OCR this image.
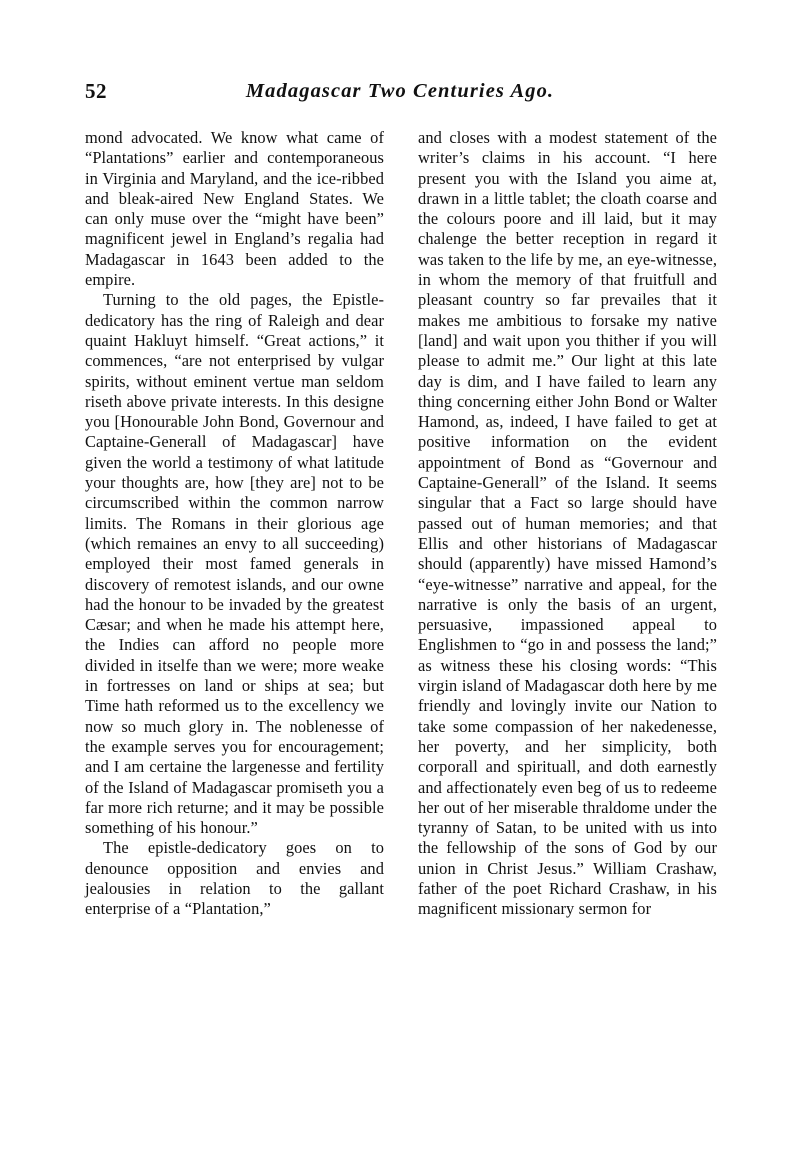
52	Madagascar Two Centuries Ago.

mond advocated. We know what came of “Plantations” earlier and contemporaneous in Virginia and Maryland, and the ice-ribbed and bleak-aired New England States. We can only muse over the “might have been” magnificent jewel in England’s regalia had Madagascar in 1643 been added to the empire.

Turning to the old pages, the Epistle-dedicatory has the ring of Raleigh and dear quaint Hakluyt himself. “Great actions,” it commences, “are not enterprised by vulgar spirits, without eminent vertue man seldom riseth above private interests. In this designe you [Honourable John Bond, Governour and Captaine-Generall of Madagascar] have given the world a testimony of what latitude your thoughts are, how [they are] not to be circumscribed within the common narrow limits. The Romans in their glorious age (which remaines an envy to all succeeding) employed their most famed generals in discovery of remotest islands, and our owne had the honour to be invaded by the greatest Cæsar; and when he made his attempt here, the Indies can afford no people more divided in itselfe than we were; more weake in fortresses on land or ships at sea; but Time hath reformed us to the excellency we now so much glory in. The noblenesse of the example serves you for encouragement; and I am certaine the largenesse and fertility of the Island of Madagascar promiseth you a far more rich returne; and it may be possible something of his honour.”

The epistle-dedicatory goes on to denounce opposition and envies and jealousies in relation to the gallant enterprise of a “Plantation,”

and closes with a modest statement of the writer’s claims in his account. “I here present you with the Island you aime at, drawn in a little tablet; the cloath coarse and the colours poore and ill laid, but it may chalenge the better reception in regard it was taken to the life by me, an eye-witnesse, in whom the memory of that fruitfull and pleasant country so far prevailes that it makes me ambitious to forsake my native [land] and wait upon you thither if you will please to admit me.” Our light at this late day is dim, and I have failed to learn any thing concerning either John Bond or Walter Hamond, as, indeed, I have failed to get at positive information on the evident appointment of Bond as “Governour and Captaine-Generall” of the Island. It seems singular that a Fact so large should have passed out of human memories; and that Ellis and other historians of Madagascar should (apparently) have missed Hamond’s “eye-witnesse” narrative and appeal, for the narrative is only the basis of an urgent, persuasive, impassioned appeal to Englishmen to “go in and possess the land;” as witness these his closing words: “This virgin island of Madagascar doth here by me friendly and lovingly invite our Nation to take some compassion of her nakedenesse, her poverty, and her simplicity, both corporall and spirituall, and doth earnestly and affectionately even beg of us to redeeme her out of her miserable thraldome under the tyranny of Satan, to be united with us into the fellowship of the sons of God by our union in Christ Jesus.” William Crashaw, father of the poet Richard Crashaw, in his magnificent missionary sermon for
